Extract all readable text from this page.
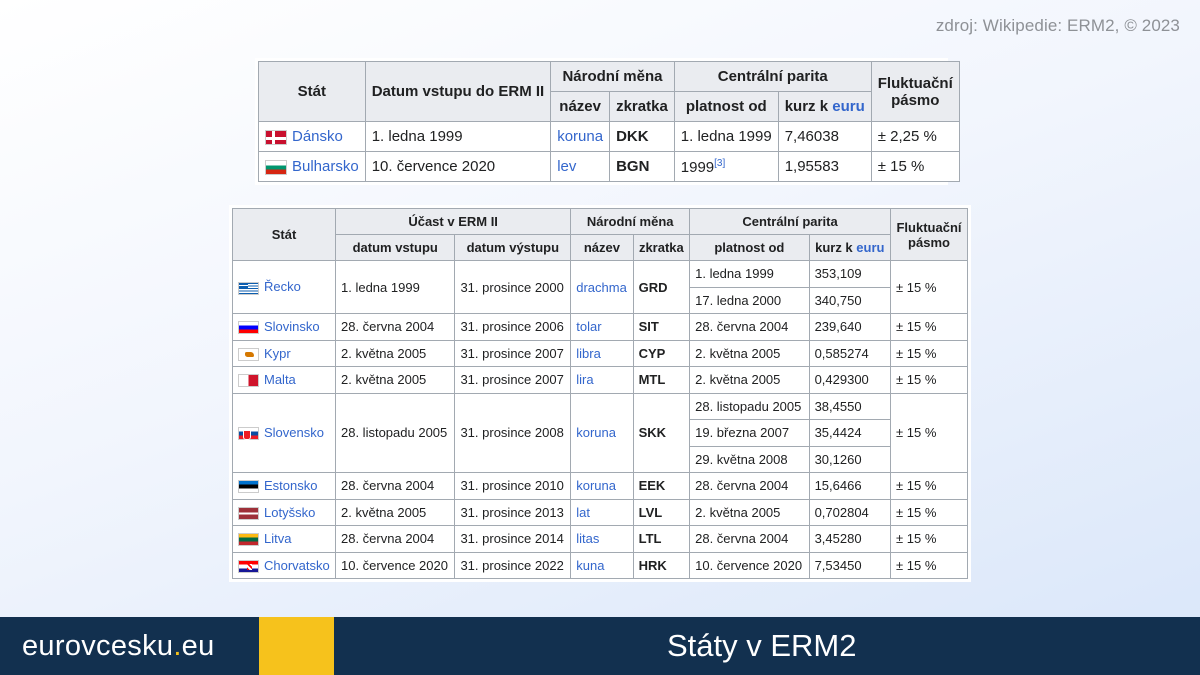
zdroj: Wikipedie: ERM2, © 2023
Stát	Datum vstupu do ERM II	Národní měna		Centrální parita		Fluktuační pásmo
		název	zkratka	platnost od	kurz k euru	
Dánsko	1. ledna 1999	koruna	DKK	1. ledna 1999	7,46038	± 2,25 %
Bulharsko	10. července 2020	lev	BGN	1999[3]	1,95583	± 15 %
Stát	Účast v ERM II		Národní měna		Centrální parita		Fluktuační pásmo
	datum vstupu	datum výstupu	název	zkratka	platnost od	kurz k euru	
Řecko	1. ledna 1999	31. prosince 2000	drachma	GRD	1. ledna 1999	353,109	± 15 %
					17. ledna 2000	340,750	
Slovinsko	28. června 2004	31. prosince 2006	tolar	SIT	28. června 2004	239,640	± 15 %
Kypr	2. května 2005	31. prosince 2007	libra	CYP	2. května 2005	0,585274	± 15 %
Malta	2. května 2005	31. prosince 2007	lira	MTL	2. května 2005	0,429300	± 15 %
Slovensko	28. listopadu 2005	31. prosince 2008	koruna	SKK	28. listopadu 2005	38,4550	± 15 %
					19. března 2007	35,4424	
					29. května 2008	30,1260	
Estonsko	28. června 2004	31. prosince 2010	koruna	EEK	28. června 2004	15,6466	± 15 %
Lotyšsko	2. května 2005	31. prosince 2013	lat	LVL	2. května 2005	0,702804	± 15 %
Litva	28. června 2004	31. prosince 2014	litas	LTL	28. června 2004	3,45280	± 15 %
Chorvatsko	10. července 2020	31. prosince 2022	kuna	HRK	10. července 2020	7,53450	± 15 %
eurovcesku.eu	Státy v ERM2
